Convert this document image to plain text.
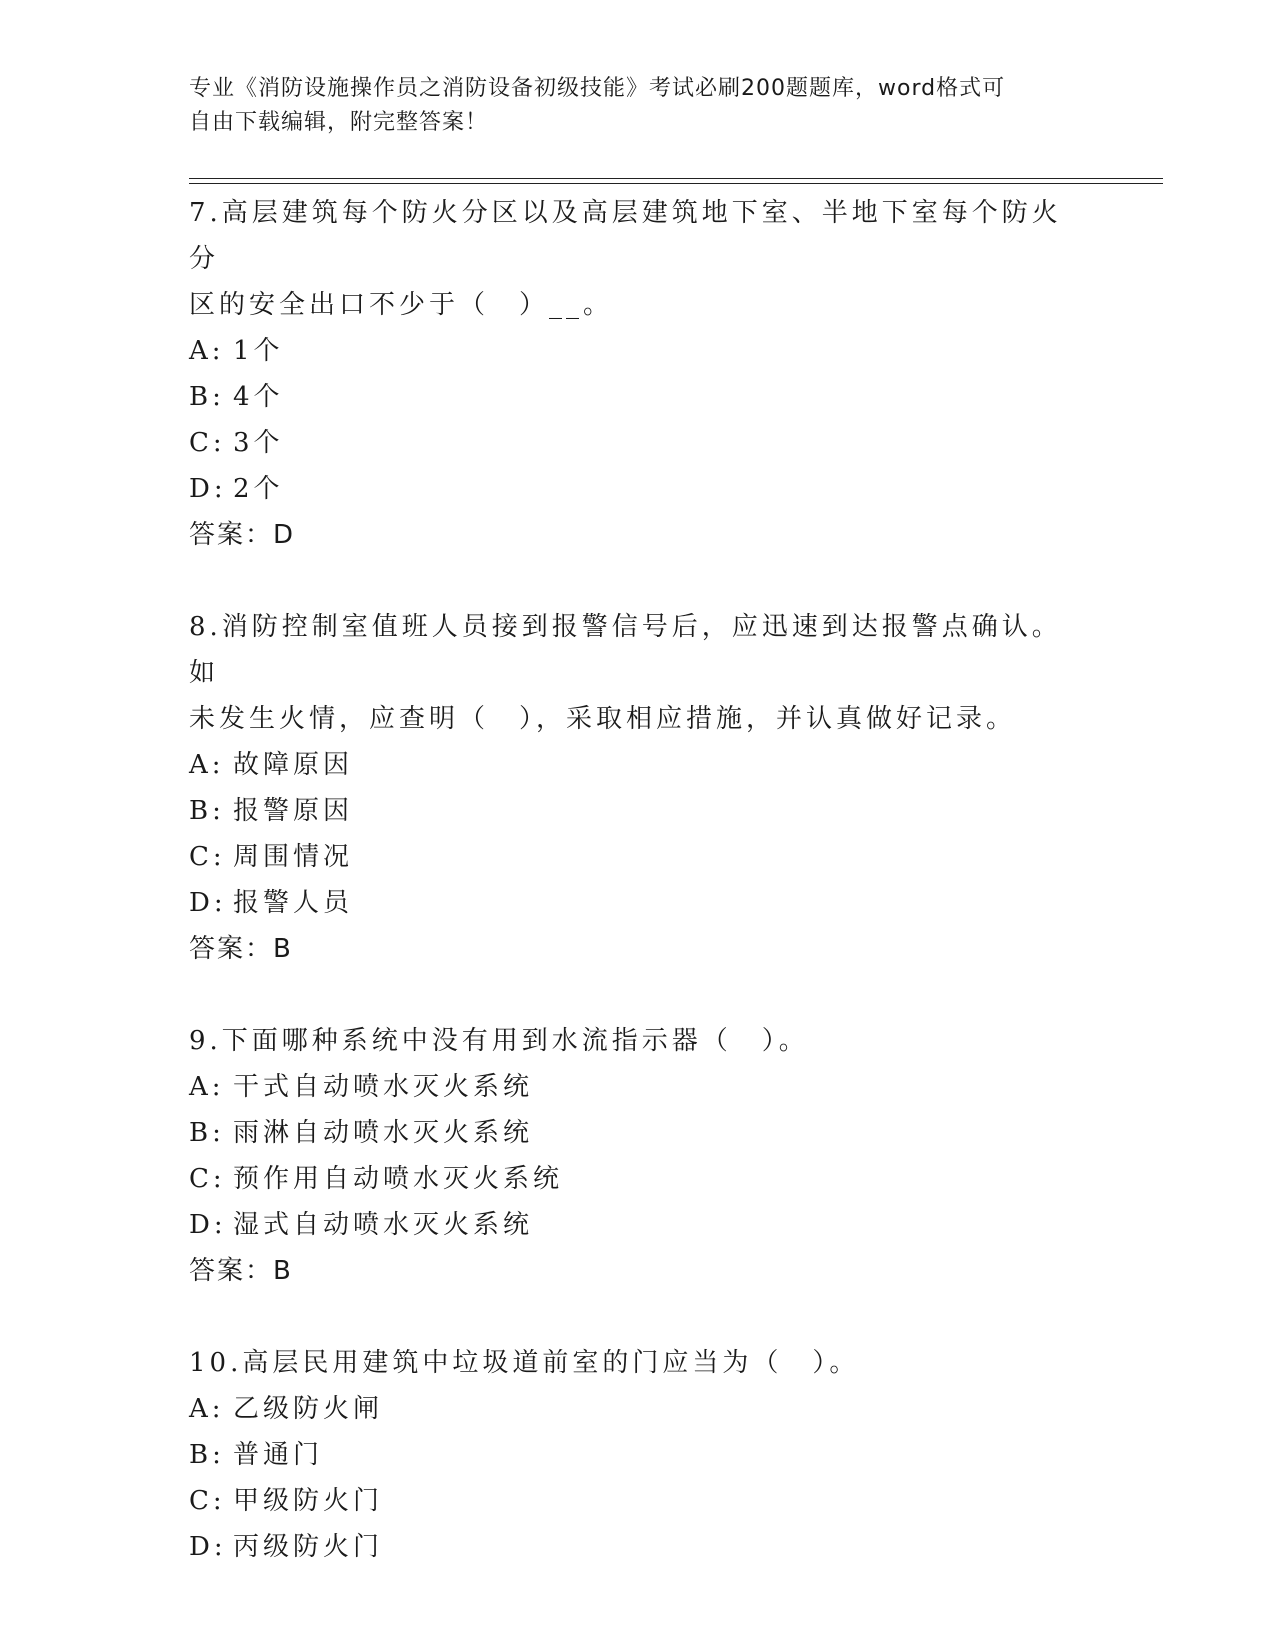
专业《消防设施操作员之消防设备初级技能》考试必刷200题题库，word格式可
自由下载编辑，附完整答案！
7.高层建筑每个防火分区以及高层建筑地下室、半地下室每个防火分
区的安全出口不少于（　）__。
A: 1个
B: 4个
C: 3个
D: 2个
答案：D
8.消防控制室值班人员接到报警信号后，应迅速到达报警点确认。如
未发生火情，应查明（　），采取相应措施，并认真做好记录。
A: 故障原因
B: 报警原因
C: 周围情况
D: 报警人员
答案：B
9.下面哪种系统中没有用到水流指示器（　）。
A: 干式自动喷水灭火系统
B: 雨淋自动喷水灭火系统
C: 预作用自动喷水灭火系统
D: 湿式自动喷水灭火系统
答案：B
10.高层民用建筑中垃圾道前室的门应当为（　）。
A: 乙级防火闸
B: 普通门
C: 甲级防火门
D: 丙级防火门
